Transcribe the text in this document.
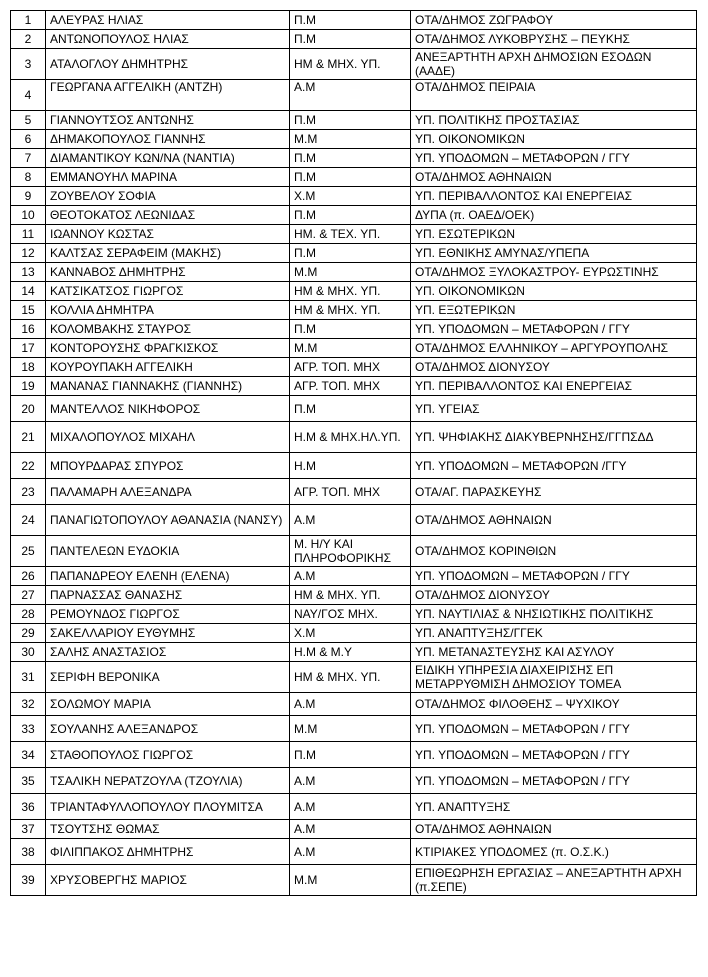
1	ΑΛΕΥΡΑΣ ΗΛΙΑΣ	Π.Μ	ΟΤΑ/ΔΗΜΟΣ ΖΩΓΡΑΦΟΥ
2	ΑΝΤΩΝΟΠΟΥΛΟΣ ΗΛΙΑΣ	Π.Μ	ΟΤΑ/ΔΗΜΟΣ ΛΥΚΟΒΡΥΣΗΣ – ΠΕΥΚΗΣ
3	ΑΤΑΛΟΓΛΟΥ ΔΗΜΗΤΡΗΣ	ΗΜ & ΜΗΧ. ΥΠ.	ΑΝΕΞΑΡΤΗΤΗ ΑΡΧΗ ΔΗΜΟΣΙΩΝ ΕΣΟΔΩΝ (ΑΑΔΕ)
4	ΓΕΩΡΓΑΝΑ ΑΓΓΕΛΙΚΗ (ΑΝΤΖΗ)	Α.Μ	ΟΤΑ/ΔΗΜΟΣ ΠΕΙΡΑΙΑ
5	ΓΙΑΝΝΟΥΤΣΟΣ ΑΝΤΩΝΗΣ	Π.Μ	ΥΠ. ΠΟΛΙΤΙΚΗΣ ΠΡΟΣΤΑΣΙΑΣ
6	ΔΗΜΑΚΟΠΟΥΛΟΣ ΓΙΑΝΝΗΣ	Μ.Μ	ΥΠ. ΟΙΚΟΝΟΜΙΚΩΝ
7	ΔΙΑΜΑΝΤΙΚΟΥ ΚΩΝ/ΝΑ (ΝΑΝΤΙΑ)	Π.Μ	ΥΠ. ΥΠΟΔΟΜΩΝ – ΜΕΤΑΦΟΡΩΝ / ΓΓΥ
8	ΕΜΜΑΝΟΥΗΛ ΜΑΡΙΝΑ	Π.Μ	ΟΤΑ/ΔΗΜΟΣ ΑΘΗΝΑΙΩΝ
9	ΖΟΥΒΕΛΟΥ ΣΟΦΙΑ	Χ.Μ	ΥΠ. ΠΕΡΙΒΑΛΛΟΝΤΟΣ ΚΑΙ ΕΝΕΡΓΕΙΑΣ
10	ΘΕΟΤΟΚΑΤΟΣ ΛΕΩΝΙΔΑΣ	Π.Μ	ΔΥΠΑ (π. ΟΑΕΔ/ΟΕΚ)
11	ΙΩΑΝΝΟΥ ΚΩΣΤΑΣ	ΗΜ. & ΤΕΧ. ΥΠ.	ΥΠ. ΕΣΩΤΕΡΙΚΩΝ
12	ΚΑΛΤΣΑΣ ΣΕΡΑΦΕΙΜ (ΜΑΚΗΣ)	Π.Μ	ΥΠ. ΕΘΝΙΚΗΣ ΑΜΥΝΑΣ/ΥΠΕΠΑ
13	ΚΑΝΝΑΒΟΣ ΔΗΜΗΤΡΗΣ	Μ.Μ	ΟΤΑ/ΔΗΜΟΣ ΞΥΛΟΚΑΣΤΡΟΥ- ΕΥΡΩΣΤΙΝΗΣ
14	ΚΑΤΣΙΚΑΤΣΟΣ ΓΙΩΡΓΟΣ	ΗΜ & ΜΗΧ. ΥΠ.	ΥΠ. ΟΙΚΟΝΟΜΙΚΩΝ
15	ΚΟΛΛΙΑ ΔΗΜΗΤΡΑ	ΗΜ & ΜΗΧ. ΥΠ.	ΥΠ. ΕΞΩΤΕΡΙΚΩΝ
16	ΚΟΛΟΜΒΑΚΗΣ ΣΤΑΥΡΟΣ	Π.Μ	ΥΠ. ΥΠΟΔΟΜΩΝ – ΜΕΤΑΦΟΡΩΝ / ΓΓΥ
17	ΚΟΝΤΟΡΟΥΣΗΣ ΦΡΑΓΚΙΣΚΟΣ	Μ.Μ	ΟΤΑ/ΔΗΜΟΣ ΕΛΛΗΝΙΚΟΥ – ΑΡΓΥΡΟΥΠΟΛΗΣ
18	ΚΟΥΡΟΥΠΑΚΗ ΑΓΓΕΛΙΚΗ	ΑΓΡ. ΤΟΠ. ΜΗΧ	ΟΤΑ/ΔΗΜΟΣ ΔΙΟΝΥΣΟΥ
19	ΜΑΝΑΝΑΣ ΓΙΑΝΝΑΚΗΣ (ΓΙΑΝΝΗΣ)	ΑΓΡ. ΤΟΠ. ΜΗΧ	ΥΠ. ΠΕΡΙΒΑΛΛΟΝΤΟΣ ΚΑΙ ΕΝΕΡΓΕΙΑΣ
20	ΜΑΝΤΕΛΛΟΣ ΝΙΚΗΦΟΡΟΣ	Π.Μ	ΥΠ. ΥΓΕΙΑΣ
21	ΜΙΧΑΛΟΠΟΥΛΟΣ ΜΙΧΑΗΛ	Η.Μ & ΜΗΧ.ΗΛ.ΥΠ.	ΥΠ. ΨΗΦΙΑΚΗΣ ΔΙΑΚΥΒΕΡΝΗΣΗΣ/ΓΓΠΣΔΔ
22	ΜΠΟΥΡΔΑΡΑΣ ΣΠΥΡΟΣ	Η.Μ	ΥΠ. ΥΠΟΔΟΜΩΝ – ΜΕΤΑΦΟΡΩΝ /ΓΓΥ
23	ΠΑΛΑΜΑΡΗ ΑΛΕΞΑΝΔΡΑ	ΑΓΡ. ΤΟΠ. ΜΗΧ	ΟΤΑ/ΑΓ. ΠΑΡΑΣΚΕΥΗΣ
24	ΠΑΝΑΓΙΩΤΟΠΟΥΛΟΥ ΑΘΑΝΑΣΙΑ (ΝΑΝΣΥ)	Α.Μ	ΟΤΑ/ΔΗΜΟΣ ΑΘΗΝΑΙΩΝ
25	ΠΑΝΤΕΛΕΩΝ ΕΥΔΟΚΙΑ	Μ. Η/Υ ΚΑΙ ΠΛΗΡΟΦΟΡΙΚΗΣ	ΟΤΑ/ΔΗΜΟΣ ΚΟΡΙΝΘΙΩΝ
26	ΠΑΠΑΝΔΡΕΟΥ ΕΛΕΝΗ (ΕΛΕΝΑ)	Α.Μ	ΥΠ. ΥΠΟΔΟΜΩΝ – ΜΕΤΑΦΟΡΩΝ / ΓΓΥ
27	ΠΑΡΝΑΣΣΑΣ ΘΑΝΑΣΗΣ	ΗΜ & ΜΗΧ. ΥΠ.	ΟΤΑ/ΔΗΜΟΣ ΔΙΟΝΥΣΟΥ
28	ΡΕΜΟΥΝΔΟΣ ΓΙΩΡΓΟΣ	ΝΑΥ/ΓΟΣ ΜΗΧ.	ΥΠ. ΝΑΥΤΙΛΙΑΣ & ΝΗΣΙΩΤΙΚΗΣ ΠΟΛΙΤΙΚΗΣ
29	ΣΑΚΕΛΛΑΡΙΟΥ ΕΥΘΥΜΗΣ	Χ.Μ	ΥΠ. ΑΝΑΠΤΥΞΗΣ/ΓΓΕΚ
30	ΣΑΛΗΣ ΑΝΑΣΤΑΣΙΟΣ	Η.Μ & Μ.Υ	ΥΠ. ΜΕΤΑΝΑΣΤΕΥΣΗΣ ΚΑΙ ΑΣΥΛΟΥ
31	ΣΕΡΙΦΗ ΒΕΡΟΝΙΚΑ	ΗΜ & ΜΗΧ. ΥΠ.	ΕΙΔΙΚΗ ΥΠΗΡΕΣΙΑ ΔΙΑΧΕΙΡΙΣΗΣ ΕΠ ΜΕΤΑΡΡΥΘΜΙΣΗ ΔΗΜΟΣΙΟΥ ΤΟΜΕΑ
32	ΣΟΛΩΜΟΥ ΜΑΡΙΑ	Α.Μ	ΟΤΑ/ΔΗΜΟΣ ΦΙΛΟΘΕΗΣ – ΨΥΧΙΚΟΥ
33	ΣΟΥΛΑΝΗΣ ΑΛΕΞΑΝΔΡΟΣ	Μ.Μ	ΥΠ. ΥΠΟΔΟΜΩΝ – ΜΕΤΑΦΟΡΩΝ / ΓΓΥ
34	ΣΤΑΘΟΠΟΥΛΟΣ ΓΙΩΡΓΟΣ	Π.Μ	ΥΠ. ΥΠΟΔΟΜΩΝ – ΜΕΤΑΦΟΡΩΝ / ΓΓΥ
35	ΤΣΑΛΙΚΗ ΝΕΡΑΤΖΟΥΛΑ (ΤΖΟΥΛΙΑ)	Α.Μ	ΥΠ. ΥΠΟΔΟΜΩΝ – ΜΕΤΑΦΟΡΩΝ / ΓΓΥ
36	ΤΡΙΑΝΤΑΦΥΛΛΟΠΟΥΛΟΥ ΠΛΟΥΜΙΤΣΑ	Α.Μ	ΥΠ. ΑΝΑΠΤΥΞΗΣ
37	ΤΣΟΥΤΣΗΣ ΘΩΜΑΣ	Α.Μ	ΟΤΑ/ΔΗΜΟΣ ΑΘΗΝΑΙΩΝ
38	ΦΙΛΙΠΠΑΚΟΣ ΔΗΜΗΤΡΗΣ	Α.Μ	ΚΤΙΡΙΑΚΕΣ ΥΠΟΔΟΜΕΣ (π. Ο.Σ.Κ.)
39	ΧΡΥΣΟΒΕΡΓΗΣ ΜΑΡΙΟΣ	Μ.Μ	ΕΠΙΘΕΩΡΗΣΗ ΕΡΓΑΣΙΑΣ – ΑΝΕΞΑΡΤΗΤΗ ΑΡΧΗ (π.ΣΕΠΕ)
